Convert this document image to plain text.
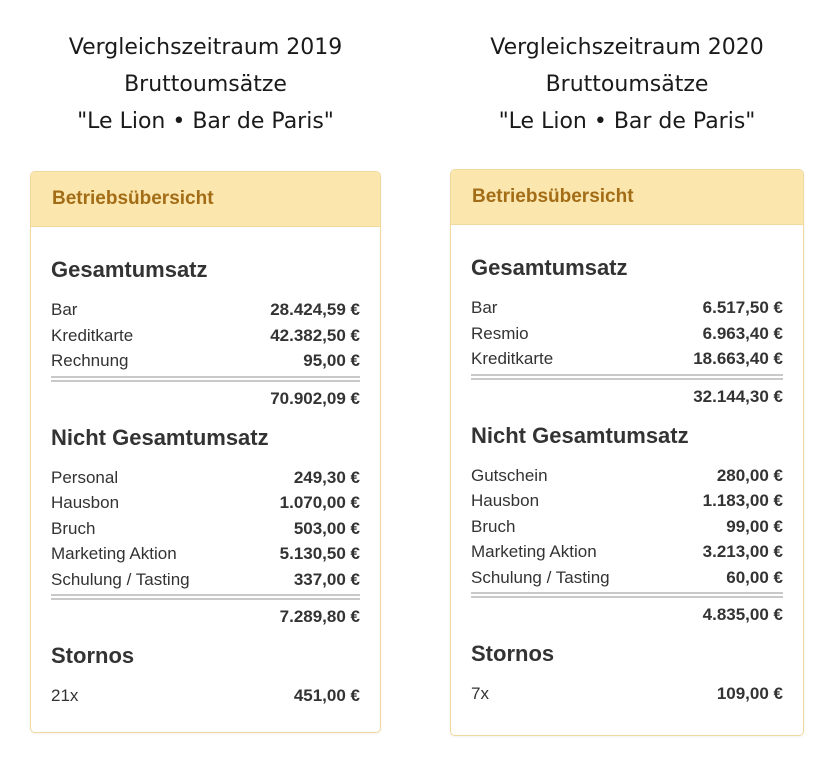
Vergleichszeitraum 2019
Bruttoumsätze
"Le Lion • Bar de Paris"
Betriebsübersicht
Gesamtumsatz
Bar	28.424,59 €
Kreditkarte	42.382,50 €
Rechnung	95,00 €
70.902,09 €
Nicht Gesamtumsatz
Personal	249,30 €
Hausbon	1.070,00 €
Bruch	503,00 €
Marketing Aktion	5.130,50 €
Schulung / Tasting	337,00 €
7.289,80 €
Stornos
21x	451,00 €
Vergleichszeitraum 2020
Bruttoumsätze
"Le Lion • Bar de Paris"
Betriebsübersicht
Gesamtumsatz
Bar	6.517,50 €
Resmio	6.963,40 €
Kreditkarte	18.663,40 €
32.144,30 €
Nicht Gesamtumsatz
Gutschein	280,00 €
Hausbon	1.183,00 €
Bruch	99,00 €
Marketing Aktion	3.213,00 €
Schulung / Tasting	60,00 €
4.835,00 €
Stornos
7x	109,00 €
